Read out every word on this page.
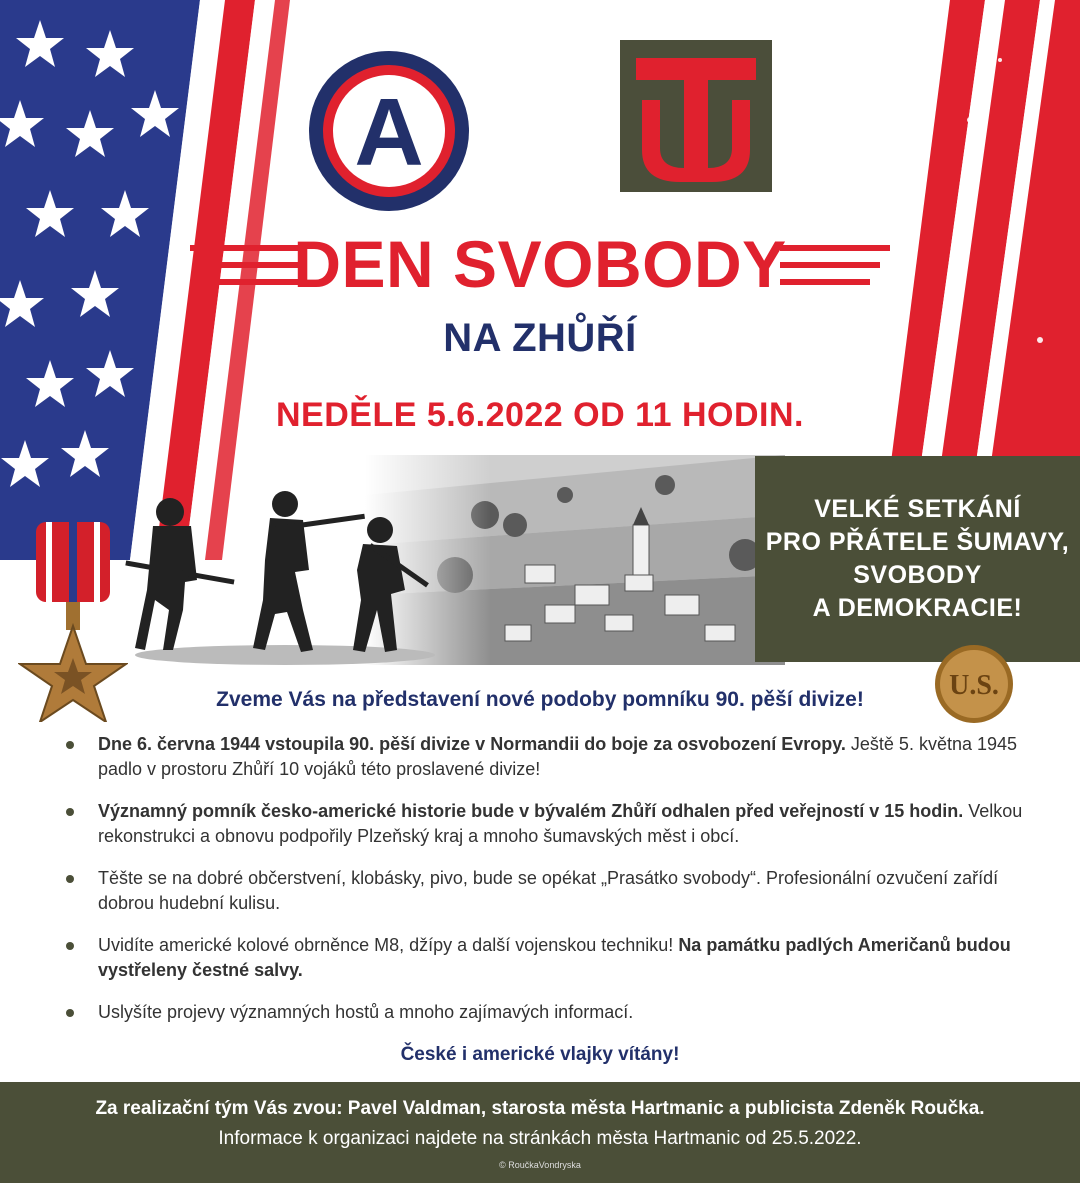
A
DEN SVOBODY
NA ZHŮŘÍ
NEDĚLE 5.6.2022 OD 11 HODIN.
VELKÉ SETKÁNÍ
PRO PŘÁTELE ŠUMAVY,
SVOBODY
A DEMOKRACIE!
U.S.
Zveme Vás na představení nové podoby pomníku 90. pěší divize!
Dne 6. června 1944 vstoupila 90. pěší divize v Normandii do boje za osvobození Evropy. Ještě 5. května 1945 padlo v prostoru Zhůří 10 vojáků této proslavené divize!
Významný pomník česko-americké historie bude v bývalém Zhůří odhalen před veřejností v 15 hodin. Velkou rekonstrukci a obnovu podpořily Plzeňský kraj a mnoho šumavských měst i obcí.
Těšte se na dobré občerstvení, klobásky, pivo, bude se opékat „Prasátko svobody“. Profesionální ozvučení zařídí dobrou hudební kulisu.
Uvidíte americké kolové obrněnce M8, džípy a další vojenskou techniku! Na památku padlých Američanů budou vystřeleny čestné salvy.
Uslyšíte projevy významných hostů a mnoho zajímavých informací.
České i americké vlajky vítány!
Za realizační tým Vás zvou: Pavel Valdman, starosta města Hartmanic a publicista Zdeněk Roučka.
Informace k organizaci najdete na stránkách města Hartmanic od 25.5.2022.
© RoučkaVondryska
